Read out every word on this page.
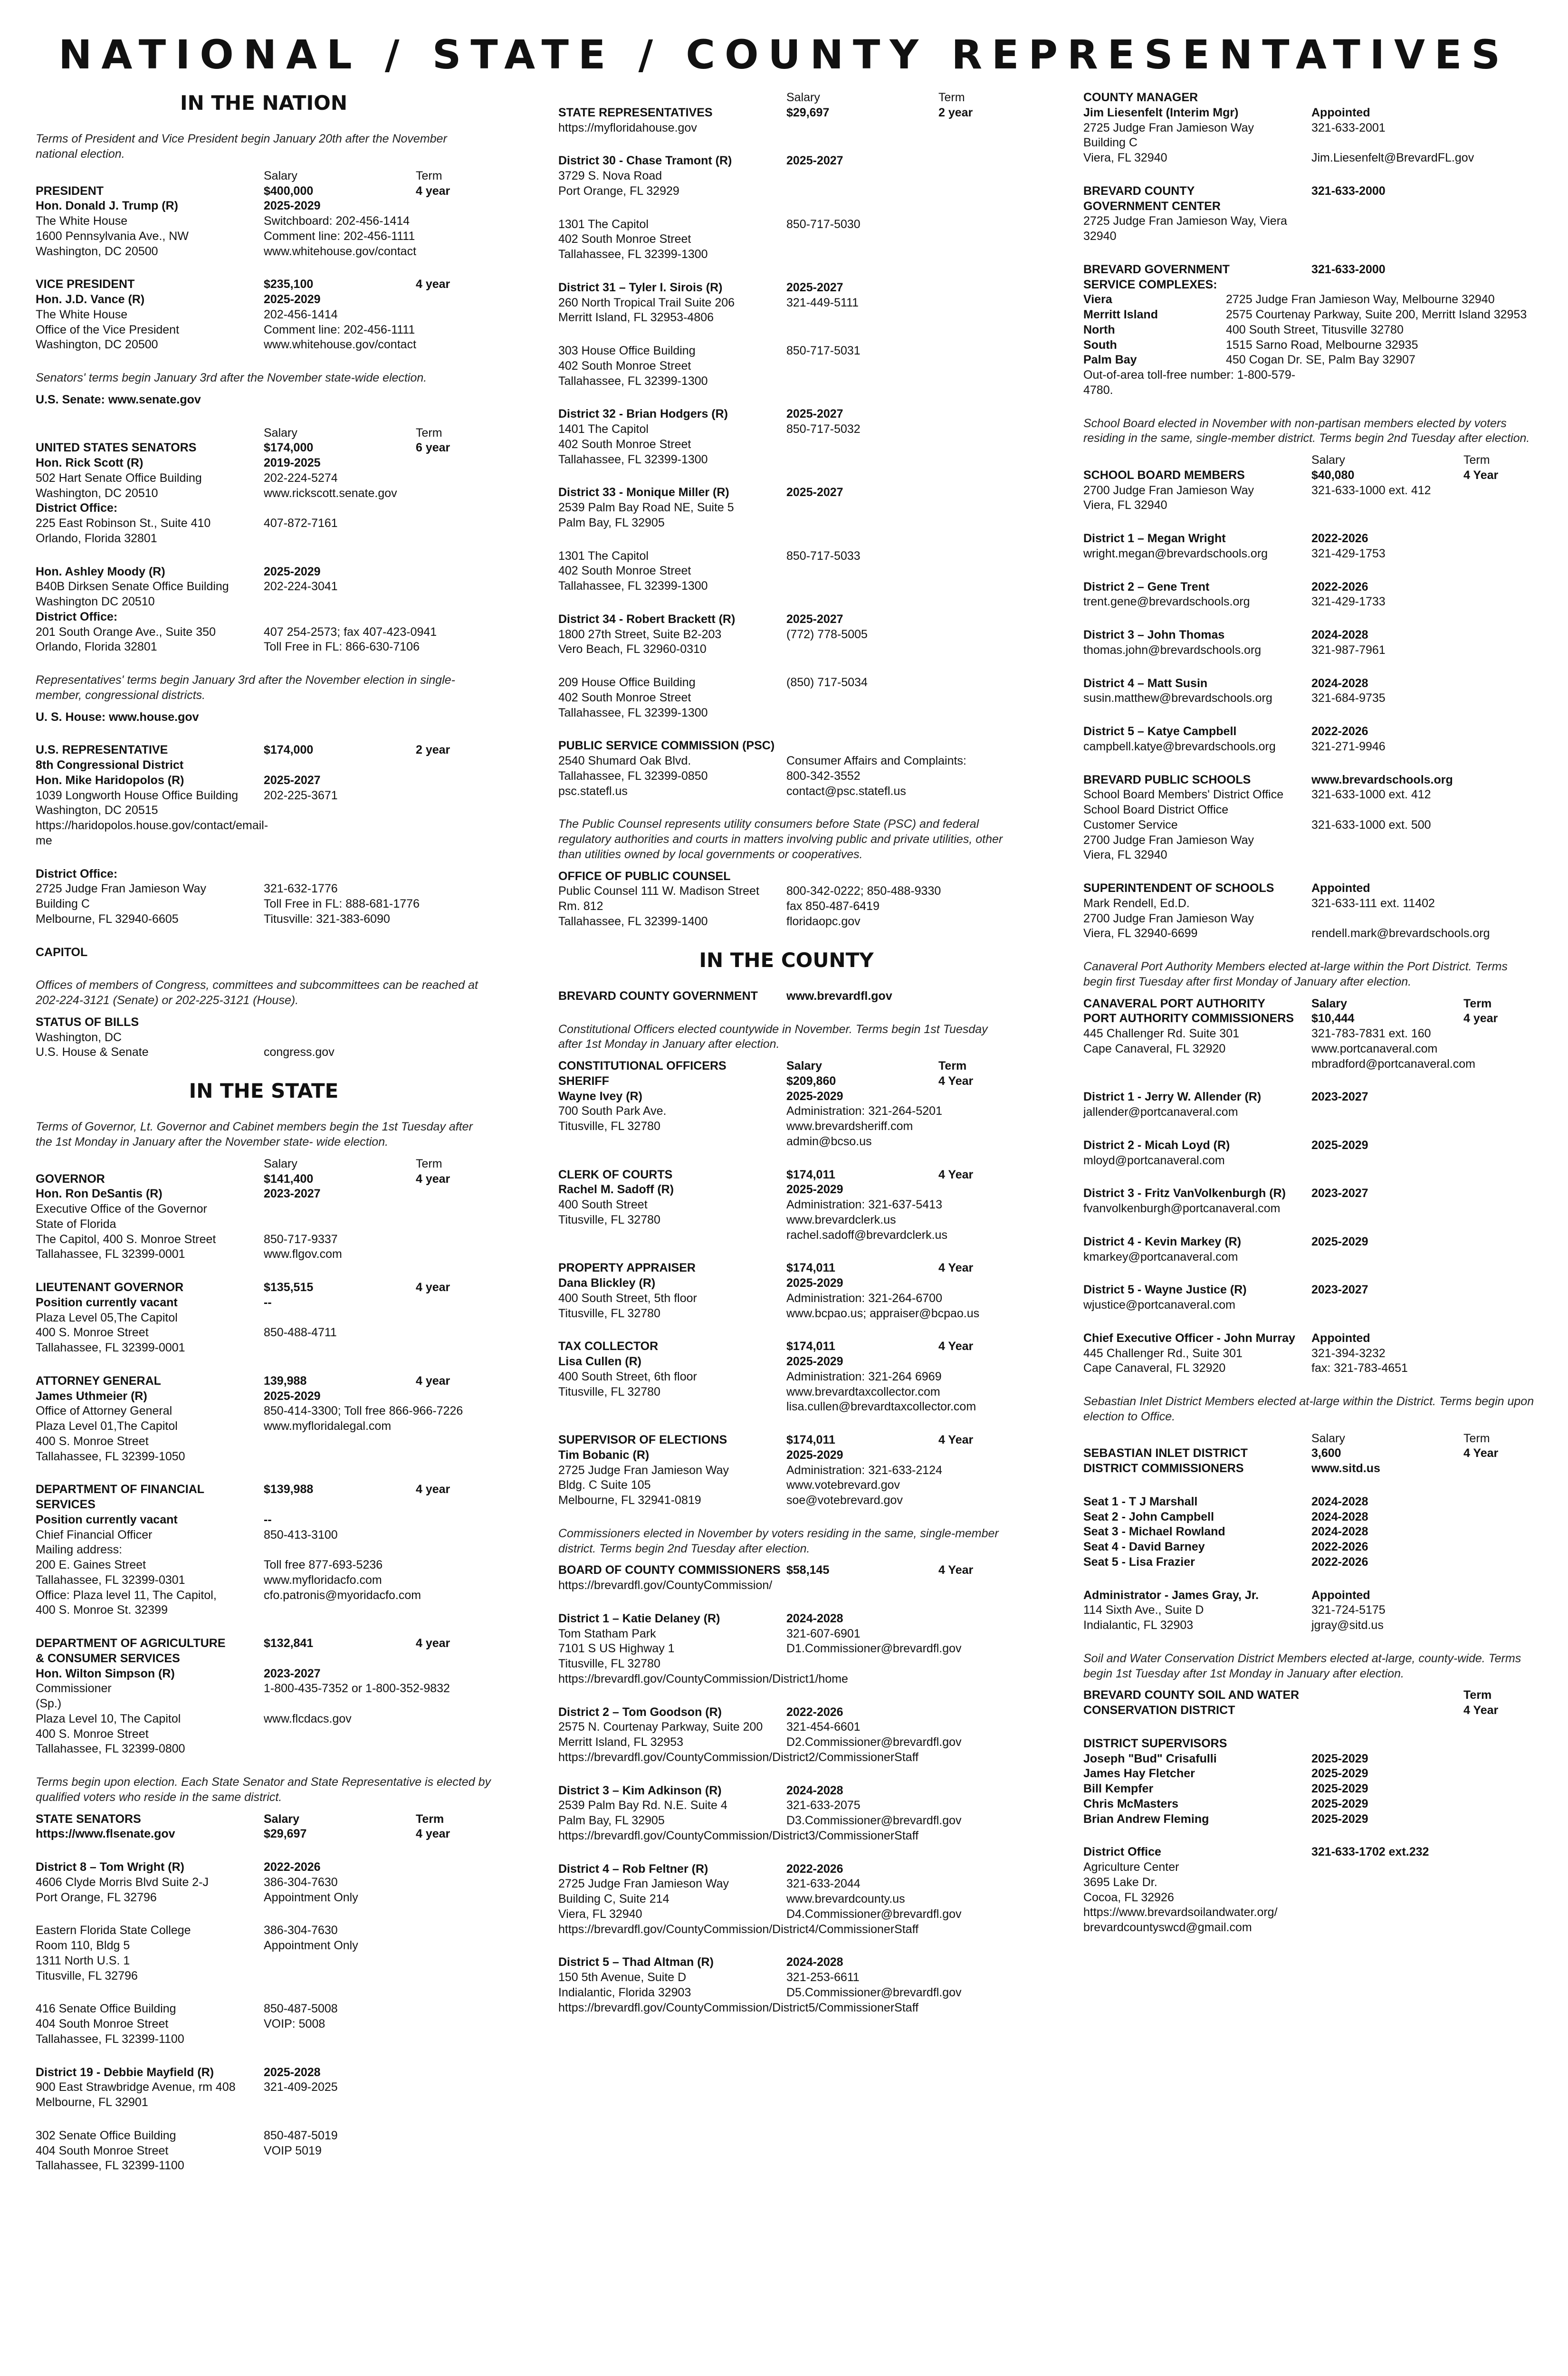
NATIONAL / STATE / COUNTY REPRESENTATIVES
IN THE NATION
Terms of President and Vice President begin January 20th after the November national election.
Salary	Term
PRESIDENT	$400,000	4 year
Hon. Donald J. Trump (R)	2025-2029
The White House	Switchboard: 202-456-1414
1600 Pennsylvania Ave., NW	Comment line: 202-456-1111
Washington, DC 20500	www.whitehouse.gov/contact
VICE PRESIDENT	$235,100	4 year
Hon. J.D. Vance (R)	2025-2029
The White House	202-456-1414
Office of the Vice President	Comment line: 202-456-1111
Washington, DC 20500	www.whitehouse.gov/contact
Senators' terms begin January 3rd after the November state-wide election.
U.S. Senate: www.senate.gov
Salary	Term
UNITED STATES SENATORS	$174,000	6 year
Hon. Rick Scott (R)	2019-2025
502 Hart Senate Office Building	202-224-5274
Washington, DC 20510	www.rickscott.senate.gov
District Office:
225 East Robinson St., Suite 410	407-872-7161
Orlando, Florida 32801
Hon. Ashley Moody (R)	2025-2029
B40B Dirksen Senate Office Building	202-224-3041
Washington DC 20510
District Office:
201 South Orange Ave., Suite 350	407 254-2573; fax 407-423-0941
Orlando, Florida 32801	Toll Free in FL: 866-630-7106
Representatives' terms begin January 3rd after the November election in single-member, congressional districts.
U. S. House: www.house.gov
U.S. REPRESENTATIVE	$174,000	2 year
8th Congressional District
Hon. Mike Haridopolos (R)	2025-2027
1039 Longworth House Office Building	202-225-3671
Washington, DC 20515
https://haridopolos.house.gov/contact/email-me
District Office:
2725 Judge Fran Jamieson Way	321-632-1776
Building C	Toll Free in FL: 888-681-1776
Melbourne, FL 32940-6605	Titusville: 321-383-6090
CAPITOL
Offices of members of Congress, committees and subcommittees can be reached at 202-224-3121 (Senate) or 202-225-3121 (House).
STATUS OF BILLS
Washington, DC
U.S. House & Senate	congress.gov
IN THE STATE
Terms of Governor, Lt. Governor and Cabinet members begin the 1st Tuesday after the 1st Monday in January after the November state- wide election.
Salary	Term
GOVERNOR	$141,400	4 year
Hon. Ron DeSantis (R)	2023-2027
Executive Office of the Governor
State of Florida
The Capitol, 400 S. Monroe Street	850-717-9337
Tallahassee, FL 32399-0001	www.flgov.com
LIEUTENANT GOVERNOR	$135,515	4 year
Position currently vacant	--
Plaza Level 05,The Capitol
400 S. Monroe Street	850-488-4711
Tallahassee, FL 32399-0001
ATTORNEY GENERAL	139,988	4 year
James Uthmeier (R)	2025-2029
Office of Attorney General	850-414-3300; Toll free 866-966-7226
Plaza Level 01,The Capitol	www.myfloridalegal.com
400 S. Monroe Street
Tallahassee, FL 32399-1050
DEPARTMENT OF FINANCIAL	$139,988	4 year
SERVICES
Position currently vacant	--
Chief Financial Officer	850-413-3100
Mailing address:
200 E. Gaines Street	Toll free 877-693-5236
Tallahassee, FL 32399-0301	www.myfloridacfo.com
Office: Plaza level 11, The Capitol,	cfo.patronis@myoridacfo.com
400 S. Monroe St. 32399
DEPARTMENT OF AGRICULTURE	$132,841	4 year
& CONSUMER SERVICES
Hon. Wilton Simpson (R)	2023-2027
Commissioner	1-800-435-7352 or 1-800-352-9832
(Sp.)
Plaza Level 10, The Capitol	www.flcdacs.gov
400 S. Monroe Street
Tallahassee, FL 32399-0800
Terms begin upon election. Each State Senator and State Representative is elected by qualified voters who reside in the same district.
STATE SENATORS	Salary	Term
https://www.flsenate.gov	$29,697	4 year
District 8 – Tom Wright (R)	2022-2026
4606 Clyde Morris Blvd Suite 2-J	386-304-7630
Port Orange, FL 32796	Appointment Only
Eastern Florida State College	386-304-7630
Room 110, Bldg 5	Appointment Only
1311 North U.S. 1
Titusville, FL 32796
416 Senate Office Building	850-487-5008
404 South Monroe Street	VOIP: 5008
Tallahassee, FL 32399-1100
District 19 - Debbie Mayfield (R)	2025-2028
900 East Strawbridge Avenue, rm 408	321-409-2025
Melbourne, FL 32901
302 Senate Office Building	850-487-5019
404 South Monroe Street	VOIP 5019
Tallahassee, FL 32399-1100
Salary	Term
STATE REPRESENTATIVES	$29,697	2 year
https://myfloridahouse.gov
District 30 - Chase Tramont (R)	2025-2027
3729 S. Nova Road
Port Orange, FL 32929
1301 The Capitol	850-717-5030
402 South Monroe Street
Tallahassee, FL 32399-1300
District 31 – Tyler I. Sirois (R)	2025-2027
260 North Tropical Trail Suite 206	321-449-5111
Merritt Island, FL 32953-4806
303 House Office Building	850-717-5031
402 South Monroe Street
Tallahassee, FL 32399-1300
District 32 - Brian Hodgers (R)	2025-2027
1401 The Capitol	850-717-5032
402 South Monroe Street
Tallahassee, FL 32399-1300
District 33 - Monique Miller (R)	2025-2027
2539 Palm Bay Road NE, Suite 5
Palm Bay, FL 32905
1301 The Capitol	850-717-5033
402 South Monroe Street
Tallahassee, FL 32399-1300
District 34 - Robert Brackett (R)	2025-2027
1800 27th Street, Suite B2-203	(772) 778-5005
Vero Beach, FL 32960-0310
209 House Office Building	(850) 717-5034
402 South Monroe Street
Tallahassee, FL 32399-1300
PUBLIC SERVICE COMMISSION (PSC)
2540 Shumard Oak Blvd.	Consumer Affairs and Complaints:
Tallahassee, FL 32399-0850	800-342-3552
psc.statefl.us	contact@psc.statefl.us
The Public Counsel represents utility consumers before State (PSC) and federal regulatory authorities and courts in matters involving public and private utilities, other than utilities owned by local governments or cooperatives.
OFFICE OF PUBLIC COUNSEL
Public Counsel 111 W. Madison Street	800-342-0222; 850-488-9330
Rm. 812	fax 850-487-6419
Tallahassee, FL 32399-1400	floridaopc.gov
IN THE COUNTY
BREVARD COUNTY GOVERNMENT	www.brevardfl.gov
Constitutional Officers elected countywide in November. Terms begin 1st Tuesday after 1st Monday in January after election.
CONSTITUTIONAL OFFICERS	Salary	Term
SHERIFF	$209,860	4 Year
Wayne Ivey (R)	2025-2029
700 South Park Ave.	Administration: 321-264-5201
Titusville, FL 32780	www.brevardsheriff.com
admin@bcso.us
CLERK OF COURTS	$174,011	4 Year
Rachel M. Sadoff (R)	2025-2029
400 South Street	Administration: 321-637-5413
Titusville, FL 32780	www.brevardclerk.us
rachel.sadoff@brevardclerk.us
PROPERTY APPRAISER	$174,011	4 Year
Dana Blickley (R)	2025-2029
400 South Street, 5th floor	Administration: 321-264-6700
Titusville, FL 32780	www.bcpao.us; appraiser@bcpao.us
TAX COLLECTOR	$174,011	4 Year
Lisa Cullen (R)	2025-2029
400 South Street, 6th floor	Administration: 321-264 6969
Titusville, FL 32780	www.brevardtaxcollector.com
lisa.cullen@brevardtaxcollector.com
SUPERVISOR OF ELECTIONS	$174,011	4 Year
Tim Bobanic (R)	2025-2029
2725 Judge Fran Jamieson Way	Administration: 321-633-2124
Bldg. C Suite 105	www.votebrevard.gov
Melbourne, FL 32941-0819	soe@votebrevard.gov
Commissioners elected in November by voters residing in the same, single-member district. Terms begin 2nd Tuesday after election.
BOARD OF COUNTY COMMISSIONERS $58,145	4 Year
https://brevardfl.gov/CountyCommission/
District 1 – Katie Delaney (R)	2024-2028
Tom Statham Park	321-607-6901
7101 S US Highway 1	D1.Commissioner@brevardfl.gov
Titusville, FL 32780
https://brevardfl.gov/CountyCommission/District1/home
District 2 – Tom Goodson (R)	2022-2026
2575 N. Courtenay Parkway, Suite 200	321-454-6601
Merritt Island, FL 32953	D2.Commissioner@brevardfl.gov
https://brevardfl.gov/CountyCommission/District2/CommissionerStaff
District 3 – Kim Adkinson (R)	2024-2028
2539 Palm Bay Rd. N.E. Suite 4	321-633-2075
Palm Bay, FL 32905	D3.Commissioner@brevardfl.gov
https://brevardfl.gov/CountyCommission/District3/CommissionerStaff
District 4 – Rob Feltner (R)	2022-2026
2725 Judge Fran Jamieson Way	321-633-2044
Building C, Suite 214	www.brevardcounty.us
Viera, FL 32940	D4.Commissioner@brevardfl.gov
https://brevardfl.gov/CountyCommission/District4/CommissionerStaff
District 5 – Thad Altman (R)	2024-2028
150 5th Avenue, Suite D	321-253-6611
Indialantic, Florida 32903	D5.Commissioner@brevardfl.gov
https://brevardfl.gov/CountyCommission/District5/CommissionerStaff
COUNTY MANAGER
Jim Liesenfelt (Interim Mgr)	Appointed
2725 Judge Fran Jamieson Way	321-633-2001
Building C
Viera, FL 32940	Jim.Liesenfelt@BrevardFL.gov
BREVARD COUNTY	321-633-2000
GOVERNMENT CENTER
2725 Judge Fran Jamieson Way, Viera 32940
BREVARD GOVERNMENT	321-633-2000
SERVICE COMPLEXES:
Viera	2725 Judge Fran Jamieson Way, Melbourne 32940
Merritt Island	2575 Courtenay Parkway, Suite 200, Merritt Island 32953
North	400 South Street, Titusville 32780
South	1515 Sarno Road, Melbourne 32935
Palm Bay	450 Cogan Dr. SE, Palm Bay 32907
Out-of-area toll-free number: 1-800-579-4780.
School Board elected in November with non-partisan members elected by voters residing in the same, single-member district. Terms begin 2nd Tuesday after election.
Salary	Term
SCHOOL BOARD MEMBERS	$40,080	4 Year
2700 Judge Fran Jamieson Way	321-633-1000 ext. 412
Viera, FL 32940
District 1 – Megan Wright	2022-2026
wright.megan@brevardschools.org	321-429-1753
District 2 – Gene Trent	2022-2026
trent.gene@brevardschools.org	321-429-1733
District 3 – John Thomas	2024-2028
thomas.john@brevardschools.org	321-987-7961
District 4 – Matt Susin	2024-2028
susin.matthew@brevardschools.org	321-684-9735
District 5 – Katye Campbell	2022-2026
campbell.katye@brevardschools.org	321-271-9946
BREVARD PUBLIC SCHOOLS	www.brevardschools.org
School Board Members' District Office	321-633-1000 ext. 412
School Board District Office
Customer Service	321-633-1000 ext. 500
2700 Judge Fran Jamieson Way
Viera, FL 32940
SUPERINTENDENT OF SCHOOLS	Appointed
Mark Rendell, Ed.D.	321-633-111 ext. 11402
2700 Judge Fran Jamieson Way
Viera, FL 32940-6699	rendell.mark@brevardschools.org
Canaveral Port Authority Members elected at-large within the Port District. Terms begin first Tuesday after first Monday of January after election.
CANAVERAL PORT AUTHORITY	Salary	Term
PORT AUTHORITY COMMISSIONERS	$10,444	4 year
445 Challenger Rd. Suite 301	321-783-7831 ext. 160
Cape Canaveral, FL 32920	www.portcanaveral.com
mbradford@portcanaveral.com
District 1 - Jerry W. Allender (R)	2023-2027
jallender@portcanaveral.com
District 2 - Micah Loyd (R)	2025-2029
mloyd@portcanaveral.com
District 3 - Fritz VanVolkenburgh (R)	2023-2027
fvanvolkenburgh@portcanaveral.com
District 4 - Kevin Markey (R)	2025-2029
kmarkey@portcanaveral.com
District 5 - Wayne Justice (R)	2023-2027
wjustice@portcanaveral.com
Chief Executive Officer - John Murray	Appointed
445 Challenger Rd., Suite 301	321-394-3232
Cape Canaveral, FL 32920	fax: 321-783-4651
Sebastian Inlet District Members elected at-large within the District. Terms begin upon election to Office.
Salary	Term
SEBASTIAN INLET DISTRICT	3,600	4 Year
DISTRICT COMMISSIONERS	www.sitd.us
Seat 1 - T J Marshall	2024-2028
Seat 2 - John Campbell	2024-2028
Seat 3 - Michael Rowland	2024-2028
Seat 4 - David Barney	2022-2026
Seat 5 - Lisa Frazier	2022-2026
Administrator - James Gray, Jr.	Appointed
114 Sixth Ave., Suite D	321-724-5175
Indialantic, FL 32903	jgray@sitd.us
Soil and Water Conservation District Members elected at-large, county-wide. Terms begin 1st Tuesday after 1st Monday in January after election.
BREVARD COUNTY SOIL AND WATER	Term
CONSERVATION DISTRICT	4 Year
DISTRICT SUPERVISORS
Joseph "Bud" Crisafulli	2025-2029
James Hay Fletcher	2025-2029
Bill Kempfer	2025-2029
Chris McMasters	2025-2029
Brian Andrew Fleming	2025-2029
District Office	321-633-1702 ext.232
Agriculture Center
3695 Lake Dr.
Cocoa, FL 32926
https://www.brevardsoilandwater.org/
brevardcountyswcd@gmail.com
